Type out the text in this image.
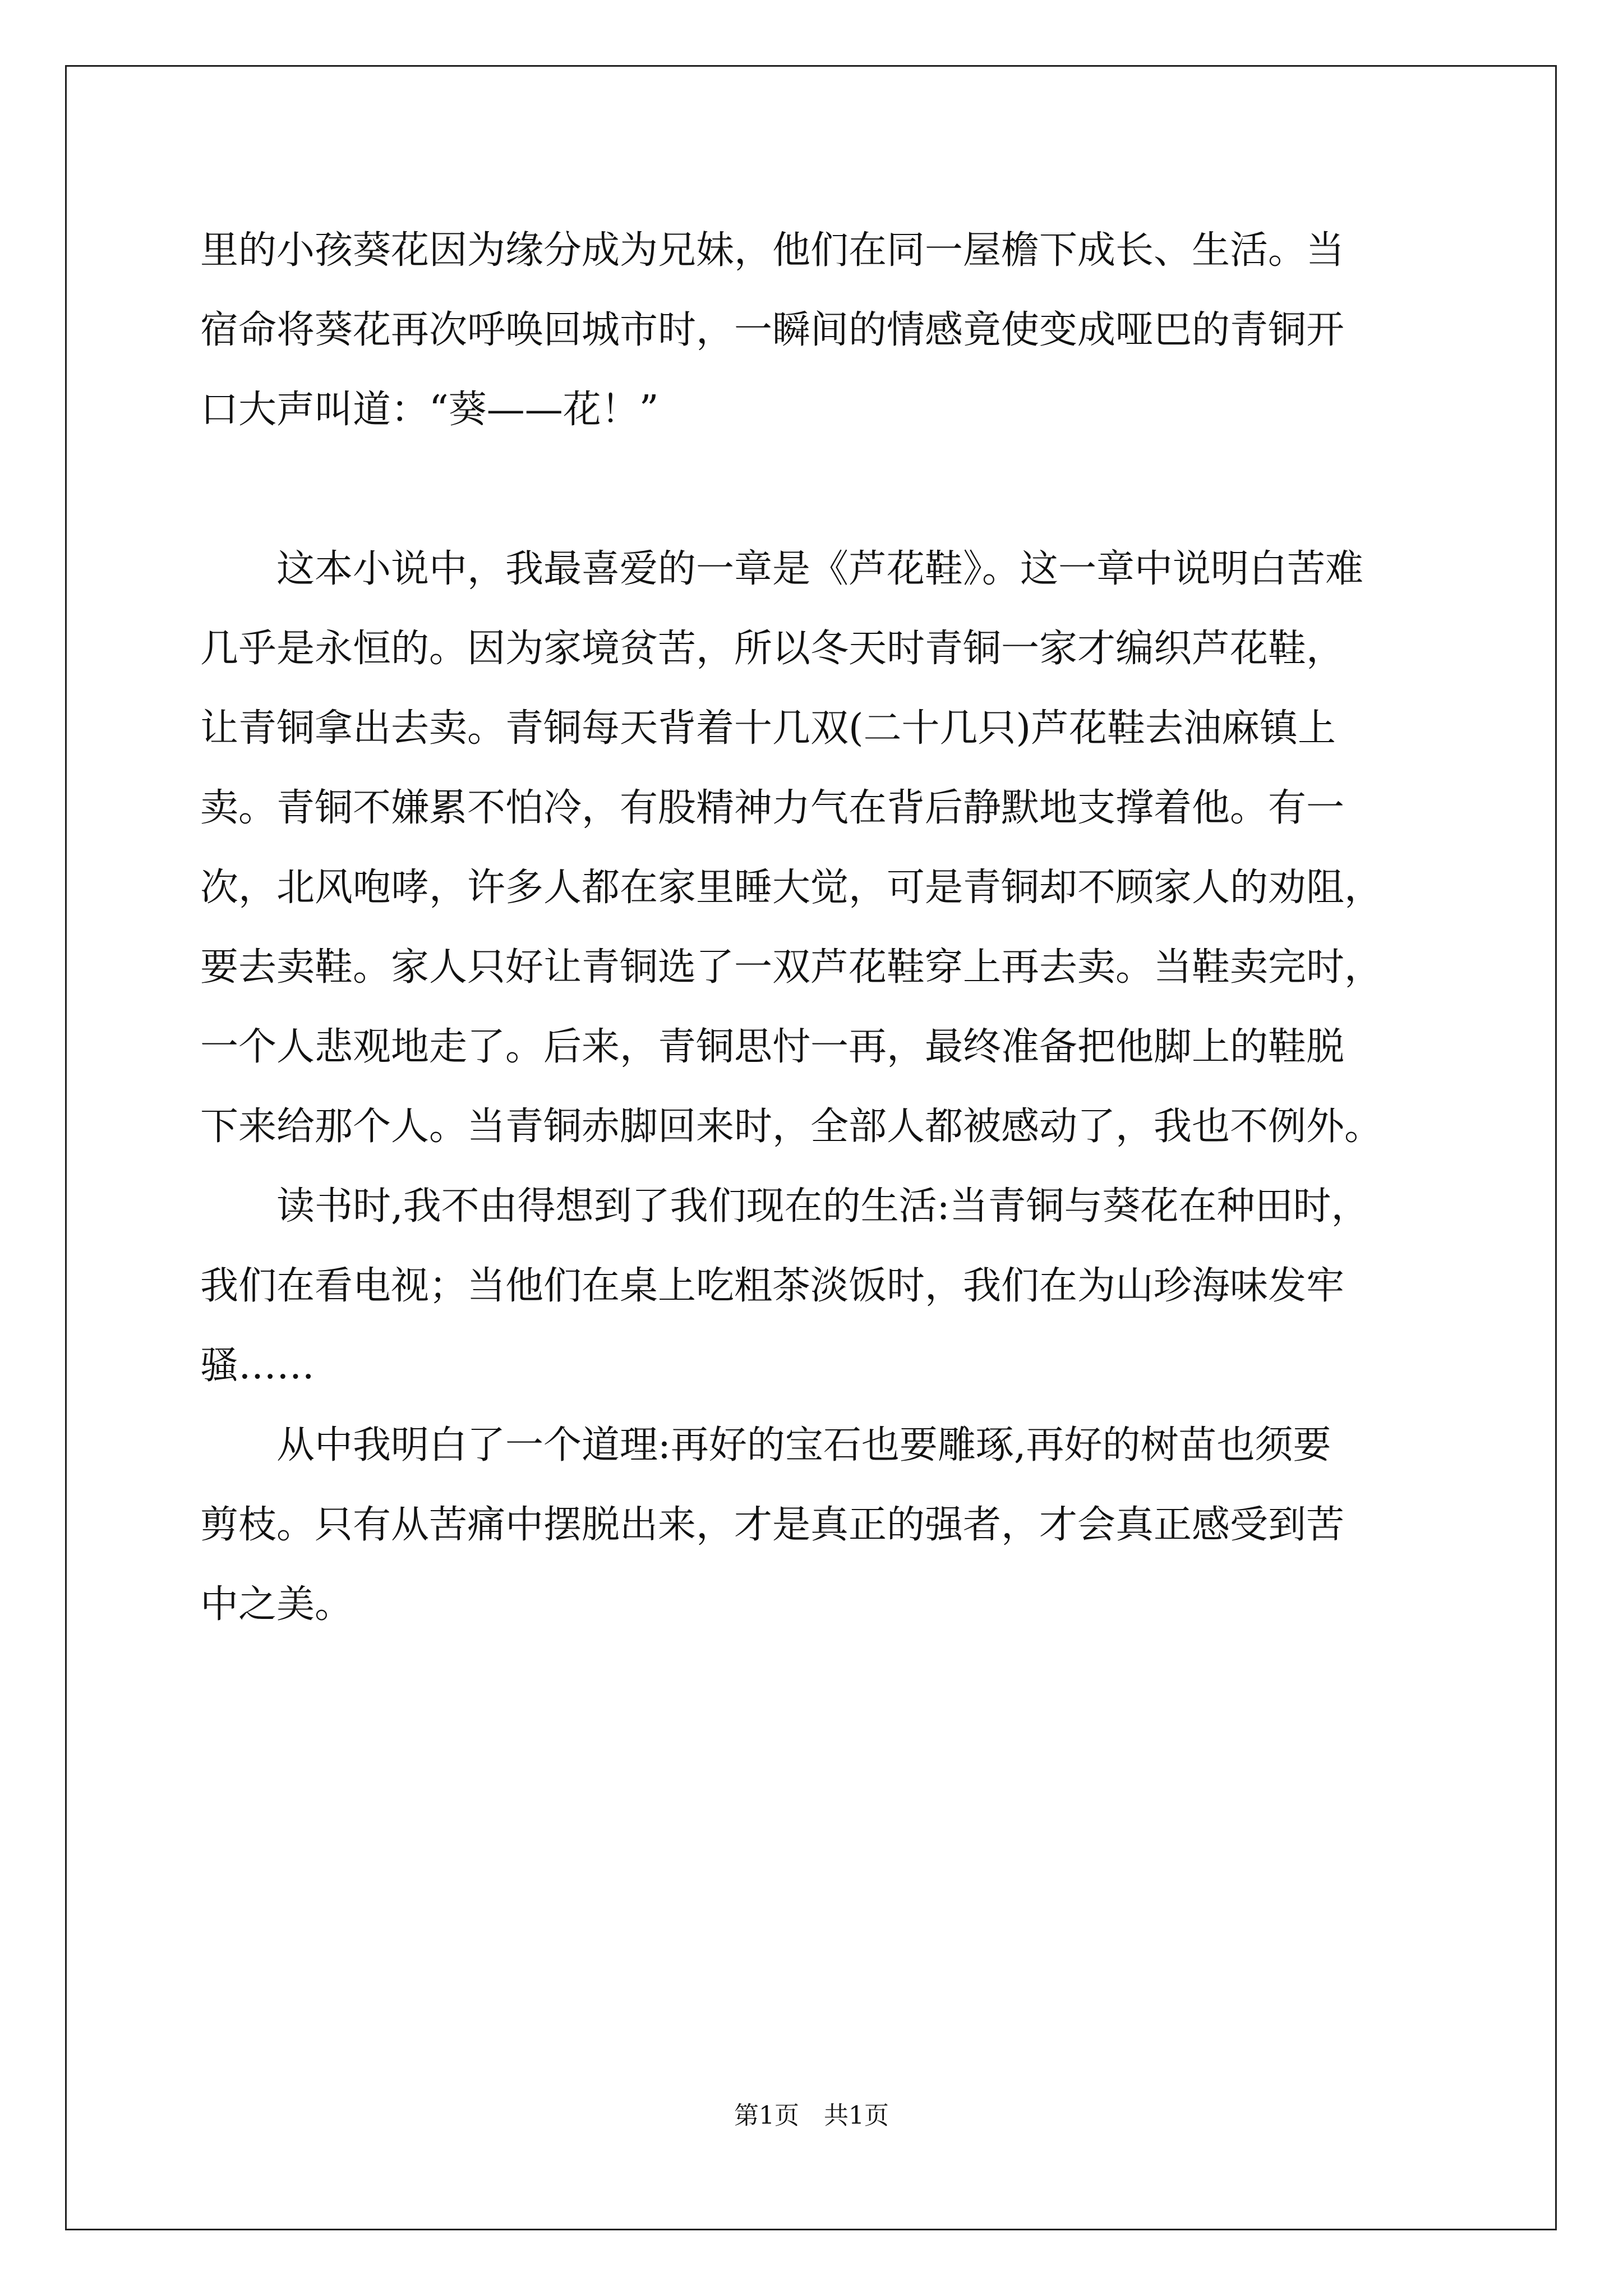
里的小孩葵花因为缘分成为兄妹，他们在同一屋檐下成长、生活。当
宿命将葵花再次呼唤回城市时，一瞬间的情感竟使变成哑巴的青铜开
口大声叫道：“葵——花！”
　　这本小说中，我最喜爱的一章是《芦花鞋》。这一章中说明白苦难
几乎是永恒的。因为家境贫苦，所以冬天时青铜一家才编织芦花鞋，
让青铜拿出去卖。青铜每天背着十几双(二十几只)芦花鞋去油麻镇上
卖。青铜不嫌累不怕冷，有股精神力气在背后静默地支撑着他。有一
次，北风咆哮，许多人都在家里睡大觉，可是青铜却不顾家人的劝阻，
要去卖鞋。家人只好让青铜选了一双芦花鞋穿上再去卖。当鞋卖完时，
一个人悲观地走了。后来，青铜思忖一再，最终准备把他脚上的鞋脱
下来给那个人。当青铜赤脚回来时，全部人都被感动了，我也不例外。
　　读书时,我不由得想到了我们现在的生活:当青铜与葵花在种田时，
我们在看电视；当他们在桌上吃粗茶淡饭时，我们在为山珍海味发牢
骚……
　　从中我明白了一个道理:再好的宝石也要雕琢,再好的树苗也须要
剪枝。只有从苦痛中摆脱出来，才是真正的强者，才会真正感受到苦
中之美。
第1页　共1页
